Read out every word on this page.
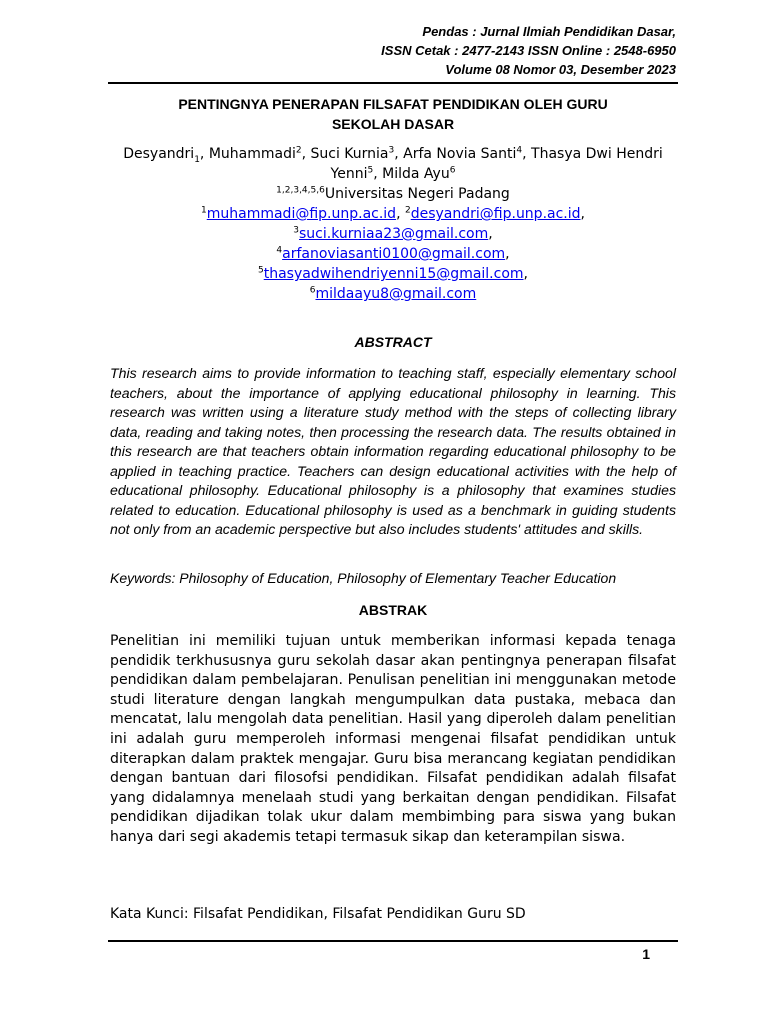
Pendas : Jurnal Ilmiah Pendidikan Dasar,
ISSN Cetak : 2477-2143 ISSN Online : 2548-6950
Volume 08 Nomor 03, Desember 2023
PENTINGNYA PENERAPAN FILSAFAT PENDIDIKAN OLEH GURU
SEKOLAH DASAR
Desyandri$_1$, Muhammadi$^2$, Suci Kurnia$^3$, Arfa Novia Santi$^4$, Thasya Dwi Hendri Yenni$^5$, Milda Ayu$^6$
$^{1,2,3,4,5,6}$Universitas Negeri Padang
$^1$muhammadi@fip.unp.ac.id, $^2$desyandri@fip.unp.ac.id,
$^3$suci.kurniaa23@gmail.com,
$^4$arfanoviasanti0100@gmail.com,
$^5$thasyadwihendriyenni15@gmail.com,
$^6$mildaayu8@gmail.com
ABSTRACT
This research aims to provide information to teaching staff, especially elementary school teachers, about the importance of applying educational philosophy in learning. This research was written using a literature study method with the steps of collecting library data, reading and taking notes, then processing the research data. The results obtained in this research are that teachers obtain information regarding educational philosophy to be applied in teaching practice. Teachers can design educational activities with the help of educational philosophy. Educational philosophy is a philosophy that examines studies related to education. Educational philosophy is used as a benchmark in guiding students not only from an academic perspective but also includes students' attitudes and skills.
Keywords: Philosophy of Education, Philosophy of Elementary Teacher Education
ABSTRAK
Penelitian ini memiliki tujuan untuk memberikan informasi kepada tenaga pendidik terkhususnya guru sekolah dasar akan pentingnya penerapan filsafat pendidikan dalam pembelajaran. Penulisan penelitian ini menggunakan metode studi literature dengan langkah mengumpulkan data pustaka, mebaca dan mencatat, lalu mengolah data penelitian. Hasil yang diperoleh dalam penelitian ini adalah guru memperoleh informasi mengenai filsafat pendidikan untuk diterapkan dalam praktek mengajar. Guru bisa merancang kegiatan pendidikan dengan bantuan dari filosofsi pendidikan. Filsafat pendidikan adalah filsafat yang didalamnya menelaah studi yang berkaitan dengan pendidikan. Filsafat pendidikan dijadikan tolak ukur dalam membimbing para siswa yang bukan hanya dari segi akademis tetapi termasuk sikap dan keterampilan siswa.
Kata Kunci: Filsafat Pendidikan, Filsafat Pendidikan Guru SD
1
